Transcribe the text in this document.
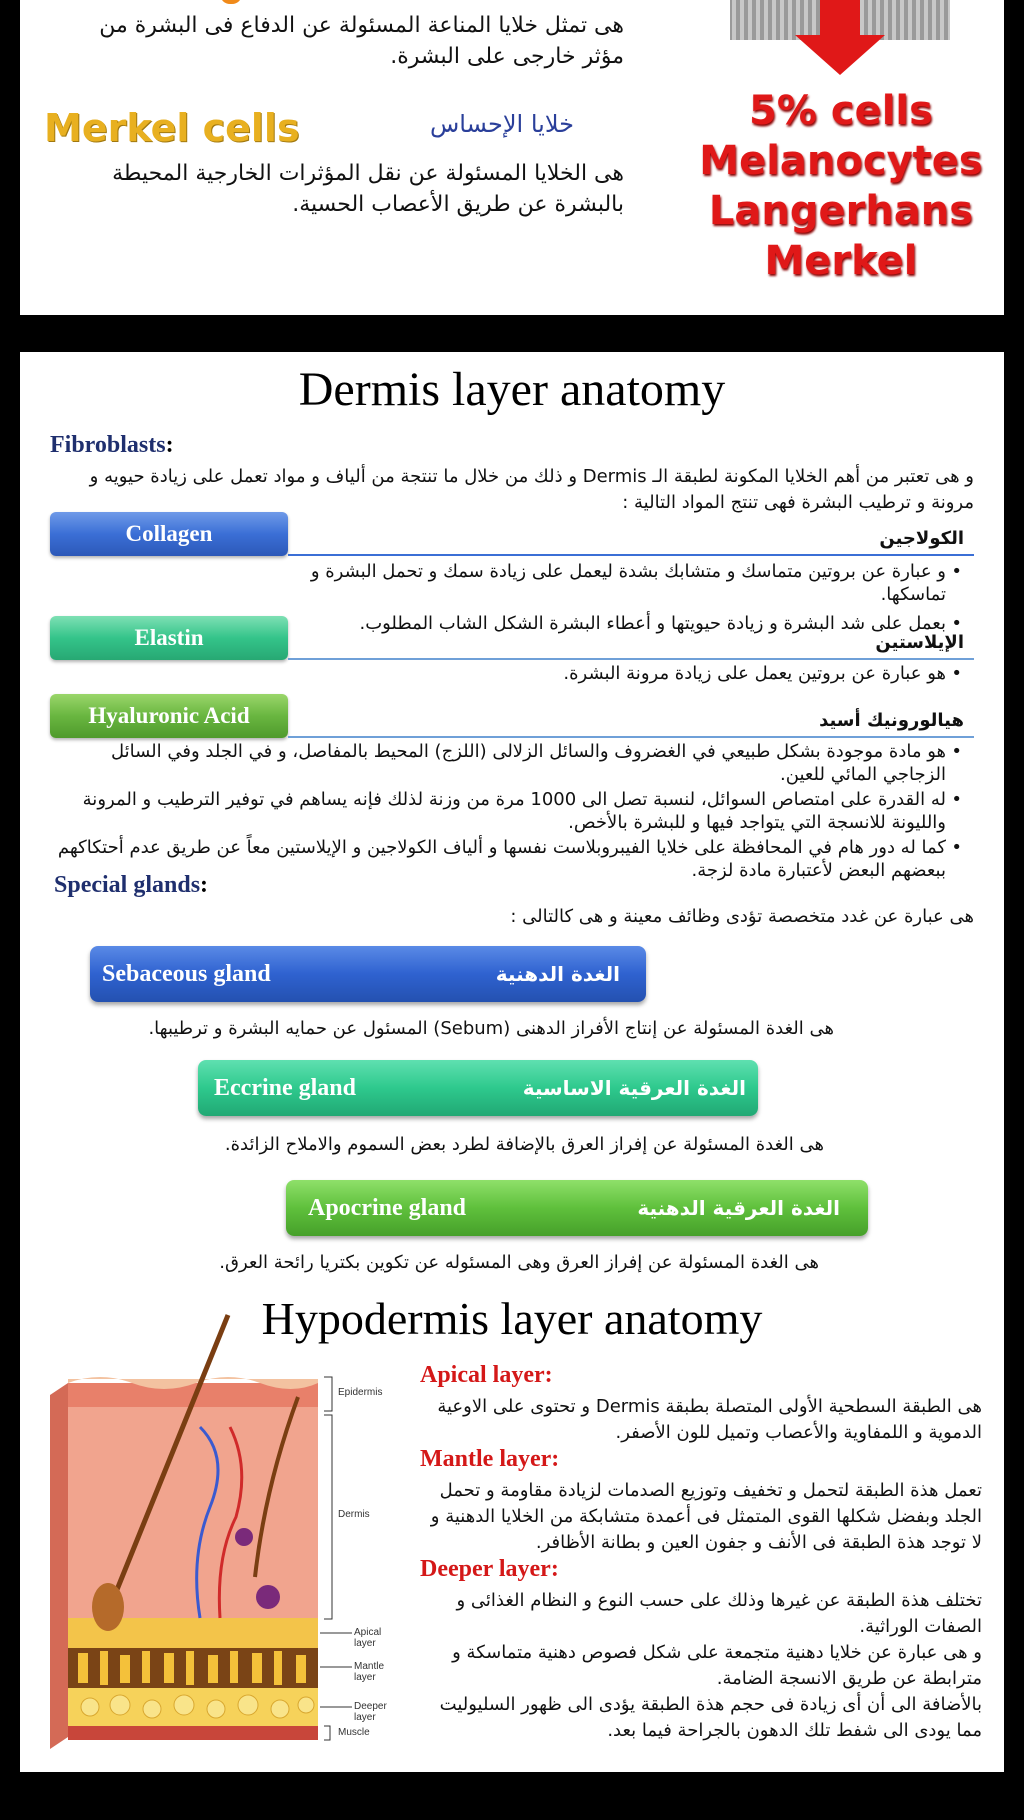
هى تمثل خلايا المناعة المسئولة عن الدفاع فى البشرة من مؤثر خارجى على البشرة.
Merkel cells	خلايا الإحساس
هى الخلايا المسئولة عن نقل المؤثرات الخارجية المحيطة بالبشرة عن طريق الأعصاب الحسية.
5% cells
Melanocytes
Langerhans
Merkel
Dermis layer anatomy
Fibroblasts:
و هى تعتبر من أهم الخلايا المكونة لطبقة الـ Dermis و ذلك من خلال ما تنتجة من ألياف و مواد تعمل على زيادة حيويه و مرونة و ترطيب البشرة فهى تنتج المواد التالية :
Collagen	الكولاجين
• و عبارة عن بروتين متماسك و متشابك بشدة ليعمل على زيادة سمك و تحمل البشرة و تماسكها.
• بعمل على شد البشرة و زيادة حيويتها و أعطاء البشرة الشكل الشاب المطلوب.
Elastin	الإيلاستين
• هو عبارة عن بروتين يعمل على زيادة مرونة البشرة.
Hyaluronic Acid	هيالورونيك أسيد
• هو مادة موجودة بشكل طبيعي في الغضروف والسائل الزلالى (اللزج) المحيط بالمفاصل، و في الجلد وفي السائل الزجاجي المائي للعين.
• له القدرة على امتصاص السوائل، لنسبة تصل الى 1000 مرة من وزنة لذلك فإنه يساهم في توفير الترطيب و المرونة والليونة للانسجة التي يتواجد فيها و للبشرة بالأخص.
• كما له دور هام في المحافظة على خلايا الفيبروبلاست نفسها و ألياف الكولاجين و الإيلاستين معاً عن طريق عدم أحتكاكهم ببعضهم البعض لأعتبارة مادة لزجة.
Special glands:
هى عبارة عن غدد متخصصة تؤدى وظائف معينة و هى كالتالى :
Sebaceous gland	الغدة الدهنية
هى الغدة المسئولة عن إنتاج الأفراز الدهنى (Sebum) المسئول عن حمايه البشرة و ترطيبها.
Eccrine gland	الغدة العرقية الاساسية
هى الغدة المسئولة عن إفراز العرق بالإضافة لطرد بعض السموم والاملاح الزائدة.
Apocrine gland	الغدة العرقية الدهنية
هى الغدة المسئولة عن إفراز العرق وهى المسئوله عن تكوين بكتريا رائحة العرق.
Hypodermis layer anatomy
Epidermis
Dermis
Apical layer
Mantle layer
Deeper layer
Muscle
Apical layer:
هى الطبقة السطحية الأولى المتصلة بطبقة Dermis و تحتوى على الاوعية الدموية و اللمفاوية والأعصاب وتميل للون الأصفر.
Mantle layer:
تعمل هذة الطبقة لتحمل و تخفيف وتوزيع الصدمات لزيادة مقاومة و تحمل الجلد وبفضل شكلها القوى المتمثل فى أعمدة متشابكة من الخلايا الدهنية و لا توجد هذة الطبقة فى الأنف و جفون العين و بطانة الأظافر.
Deeper layer:
تختلف هذة الطبقة عن غيرها وذلك على حسب النوع و النظام الغذائى و الصفات الوراثية.
و هى عبارة عن خلايا دهنية متجمعة على شكل فصوص دهنية متماسكة و مترابطة عن طريق الانسجة الضامة.
بالأضافة الى أن أى زيادة فى حجم هذة الطبقة يؤدى الى ظهور السليوليت مما يودى الى شفط تلك الدهون بالجراحة فيما بعد.
